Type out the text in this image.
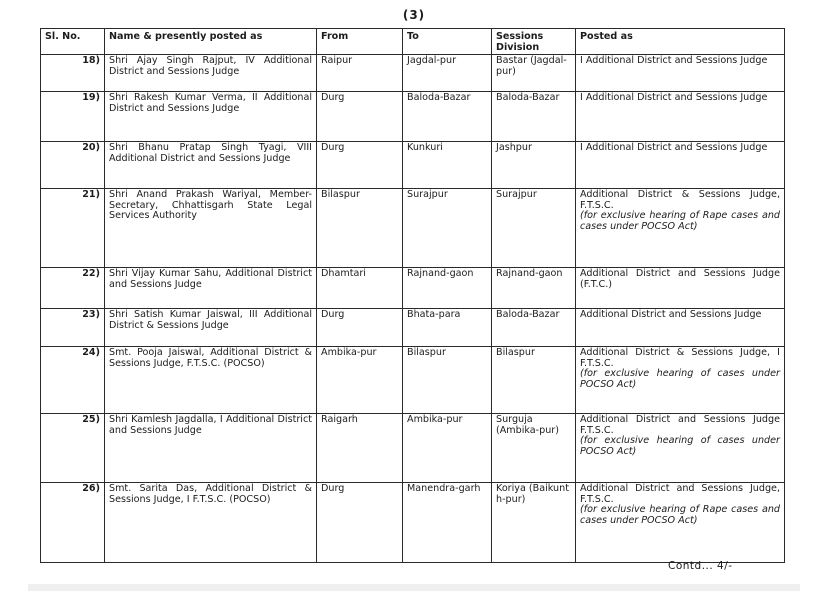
(3)
Sl. No.	Name & presently posted as	From	To	Sessions Division	Posted as
18)	Shri Ajay Singh Rajput, IV Additional District and Sessions Judge	Raipur	Jagdal-pur	Bastar (Jagdal-pur)	I Additional District and Sessions Judge
19)	Shri Rakesh Kumar Verma, II Additional District and Sessions Judge	Durg	Baloda-Bazar	Baloda-Bazar	I Additional District and Sessions Judge
20)	Shri Bhanu Pratap Singh Tyagi, VIII Additional District and Sessions Judge	Durg	Kunkuri	Jashpur	I Additional District and Sessions Judge
21)	Shri Anand Prakash Wariyal, Member-Secretary, Chhattisgarh State Legal Services Authority	Bilaspur	Surajpur	Surajpur	Additional District & Sessions Judge, F.T.S.C.
(for exclusive hearing of Rape cases and cases under POCSO Act)

22)	Shri Vijay Kumar Sahu, Additional District and Sessions Judge	Dhamtari	Rajnand-gaon	Rajnand-gaon	Additional District and Sessions Judge (F.T.C.)
23)	Shri Satish Kumar Jaiswal, III Additional District & Sessions Judge	Durg	Bhata-para	Baloda-Bazar	Additional District and Sessions Judge
24)	Smt. Pooja Jaiswal, Additional District & Sessions Judge, F.T.S.C. (POCSO)	Ambika-pur	Bilaspur	Bilaspur	Additional District & Sessions Judge, I F.T.S.C.
(for exclusive hearing of cases under POCSO Act)

25)	Shri Kamlesh Jagdalla, I Additional District and Sessions Judge	Raigarh	Ambika-pur	Surguja (Ambika-pur)	Additional District and Sessions Judge F.T.S.C.
(for exclusive hearing of cases under POCSO Act)

26)	Smt. Sarita Das, Additional District & Sessions Judge, I F.T.S.C. (POCSO)	Durg	Manendra-garh	Koriya (Baikunt h-pur)	Additional District and Sessions Judge, F.T.S.C.
(for exclusive hearing of Rape cases and cases under POCSO Act)
Contd... 4/-
